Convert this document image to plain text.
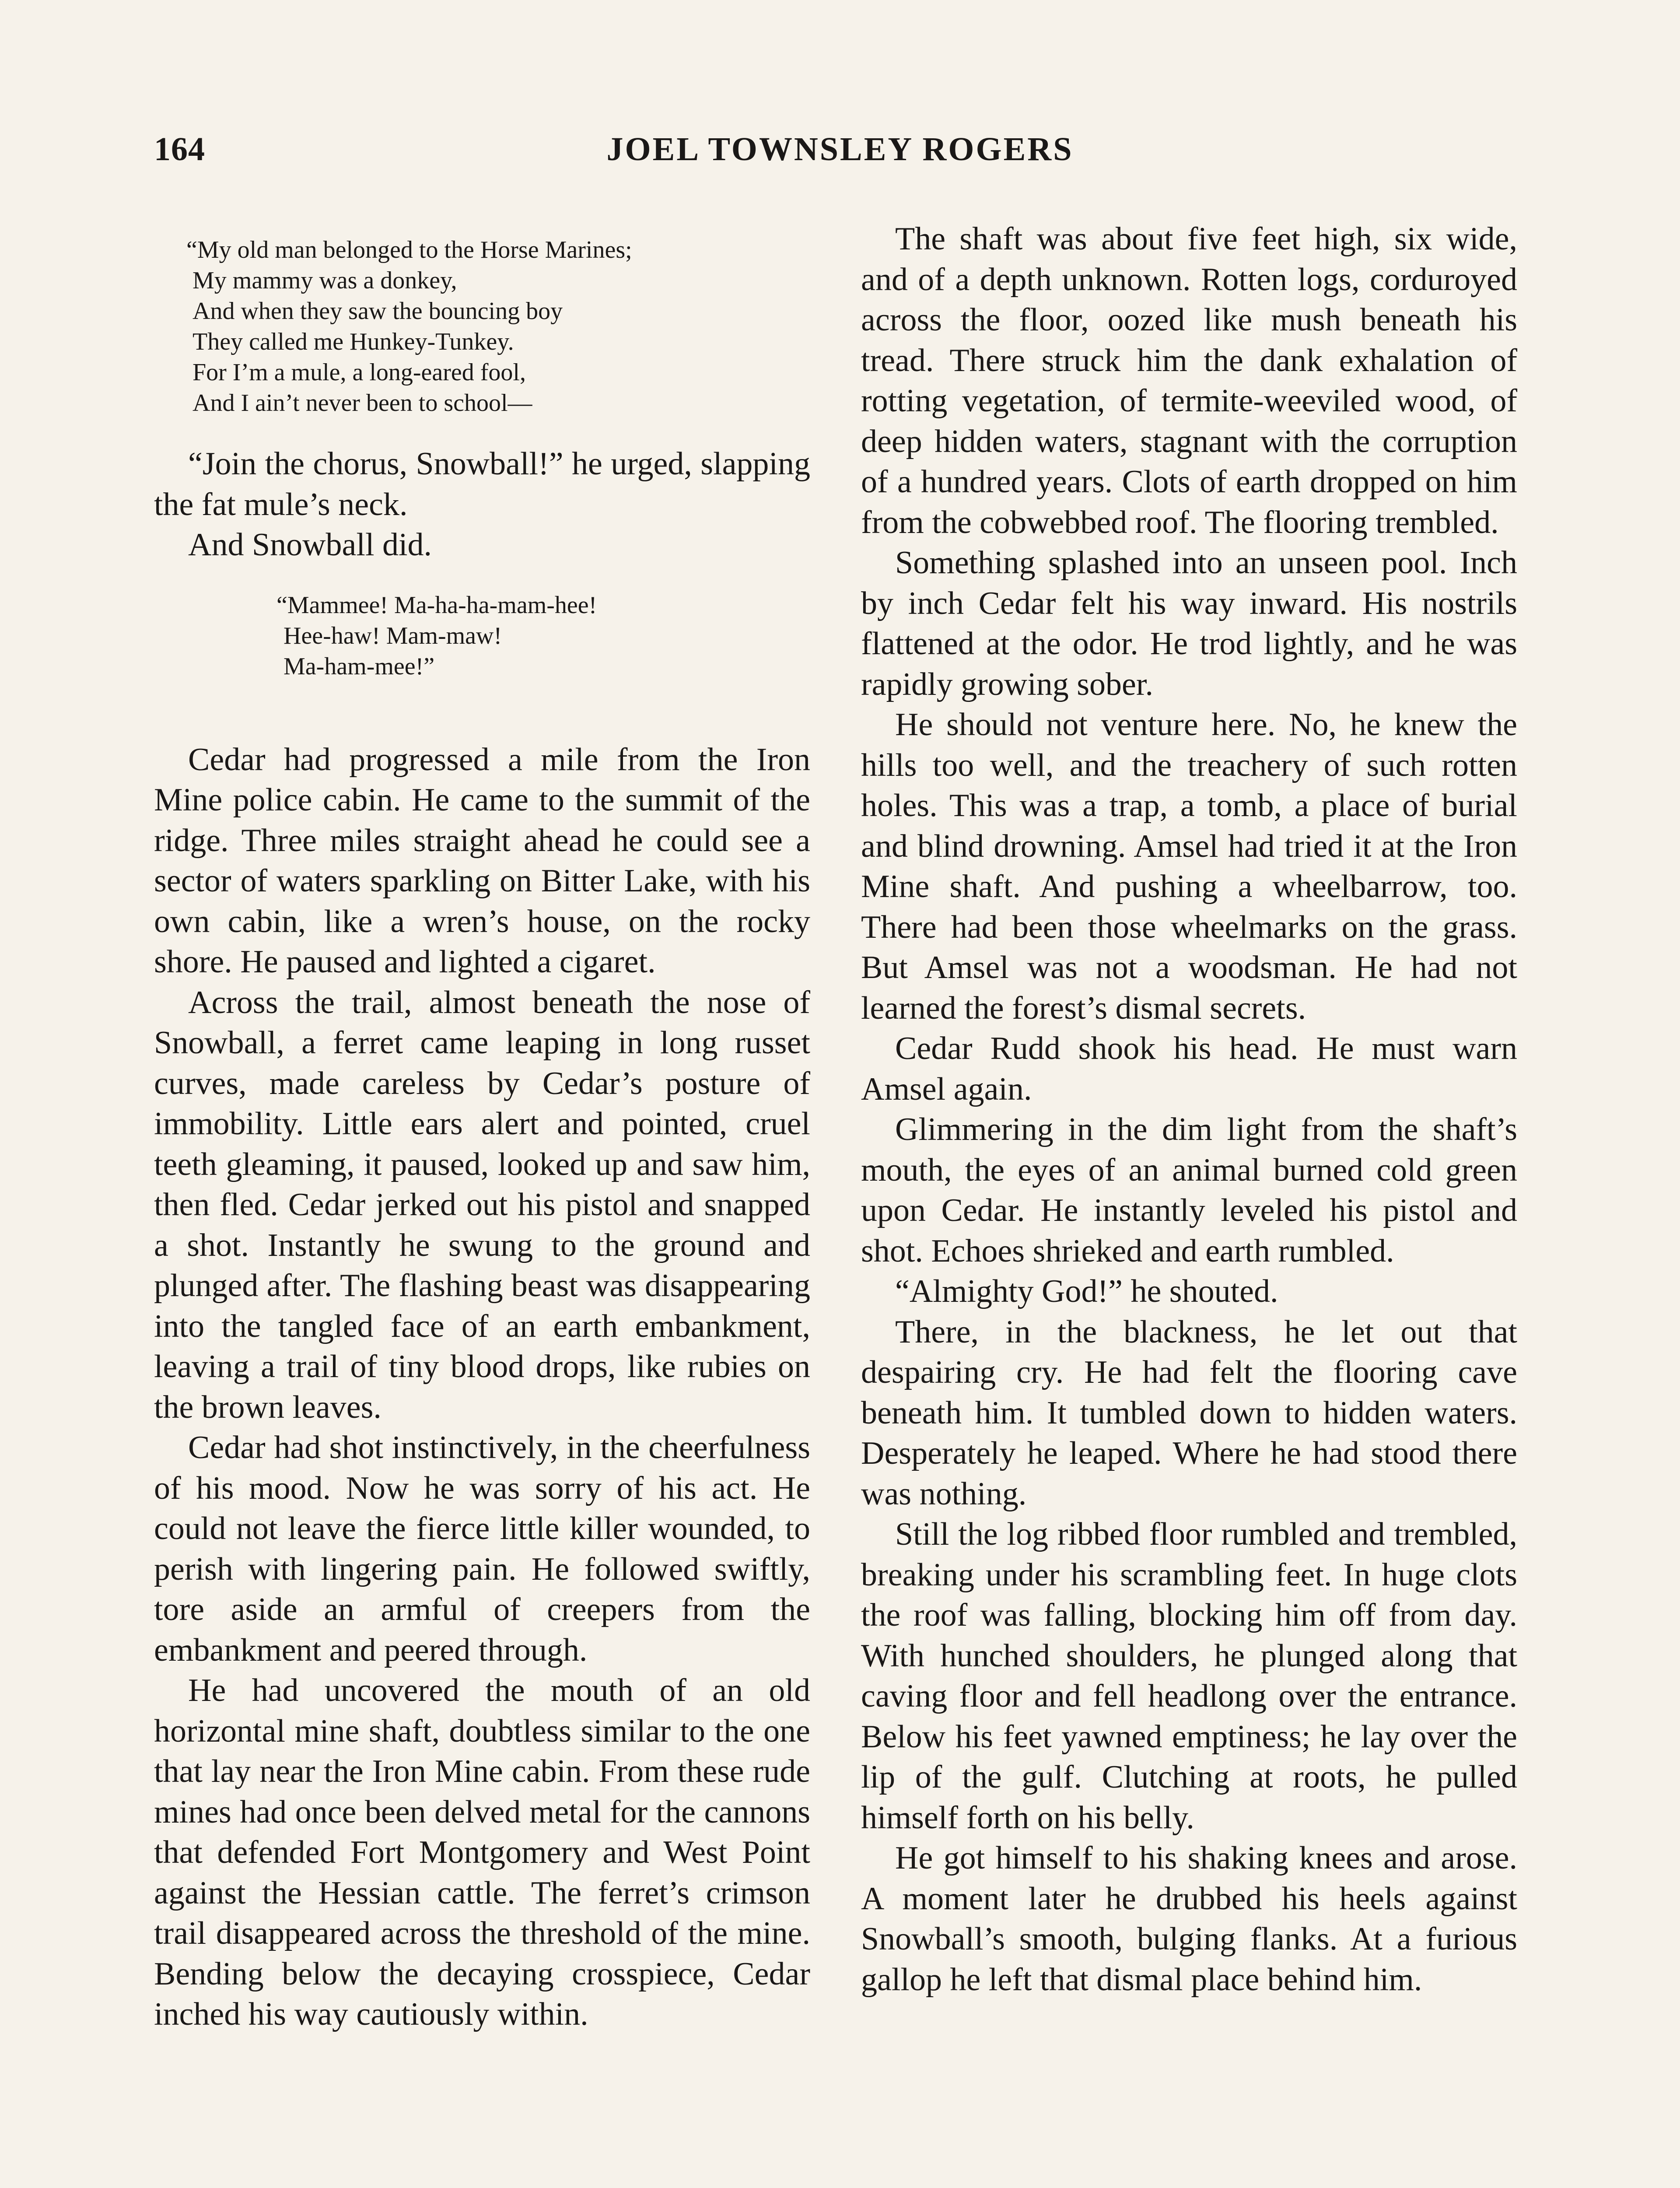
164	JOEL TOWNSLEY ROGERS
“My old man belonged to the Horse Marines;
My mammy was a donkey,
And when they saw the bouncing boy
They called me Hunkey-Tunkey.
For I’m a mule, a long-eared fool,
And I ain’t never been to school—

“Join the chorus, Snowball!” he urged, slapping the fat mule’s neck.

And Snowball did.

“Mammee! Ma-ha-ha-mam-hee!
Hee-haw! Mam-maw!
Ma-ham-mee!”

Cedar had progressed a mile from the Iron Mine police cabin. He came to the summit of the ridge. Three miles straight ahead he could see a sector of waters sparkling on Bitter Lake, with his own cabin, like a wren’s house, on the rocky shore. He paused and lighted a cigaret.

Across the trail, almost beneath the nose of Snowball, a ferret came leaping in long russet curves, made careless by Cedar’s posture of immobility. Little ears alert and pointed, cruel teeth gleaming, it paused, looked up and saw him, then fled. Cedar jerked out his pistol and snapped a shot. Instantly he swung to the ground and plunged after. The flashing beast was disappearing into the tangled face of an earth embankment, leaving a trail of tiny blood drops, like rubies on the brown leaves.

Cedar had shot instinctively, in the cheerfulness of his mood. Now he was sorry of his act. He could not leave the fierce little killer wounded, to perish with lingering pain. He followed swiftly, tore aside an armful of creepers from the embankment and peered through.

He had uncovered the mouth of an old horizontal mine shaft, doubtless similar to the one that lay near the Iron Mine cabin. From these rude mines had once been delved metal for the cannons that defended Fort Montgomery and West Point against the Hessian cattle. The ferret’s crimson trail disappeared across the threshold of the mine. Bending below the decaying crosspiece, Cedar inched his way cautiously within.

The shaft was about five feet high, six wide, and of a depth unknown. Rotten logs, corduroyed across the floor, oozed like mush beneath his tread. There struck him the dank exhalation of rotting vegetation, of termite-weeviled wood, of deep hidden waters, stagnant with the corruption of a hundred years. Clots of earth dropped on him from the cobwebbed roof. The flooring trembled.

Something splashed into an unseen pool. Inch by inch Cedar felt his way inward. His nostrils flattened at the odor. He trod lightly, and he was rapidly growing sober.

He should not venture here. No, he knew the hills too well, and the treachery of such rotten holes. This was a trap, a tomb, a place of burial and blind drowning. Amsel had tried it at the Iron Mine shaft. And pushing a wheelbarrow, too. There had been those wheelmarks on the grass. But Amsel was not a woodsman. He had not learned the forest’s dismal secrets.

Cedar Rudd shook his head. He must warn Amsel again.

Glimmering in the dim light from the shaft’s mouth, the eyes of an animal burned cold green upon Cedar. He instantly leveled his pistol and shot. Echoes shrieked and earth rumbled.

“Almighty God!” he shouted.

There, in the blackness, he let out that despairing cry. He had felt the flooring cave beneath him. It tumbled down to hidden waters. Desperately he leaped. Where he had stood there was nothing.

Still the log ribbed floor rumbled and trembled, breaking under his scrambling feet. In huge clots the roof was falling, blocking him off from day. With hunched shoulders, he plunged along that caving floor and fell headlong over the entrance. Below his feet yawned emptiness; he lay over the lip of the gulf. Clutching at roots, he pulled himself forth on his belly.

He got himself to his shaking knees and arose. A moment later he drubbed his heels against Snowball’s smooth, bulging flanks. At a furious gallop he left that dismal place behind him.
